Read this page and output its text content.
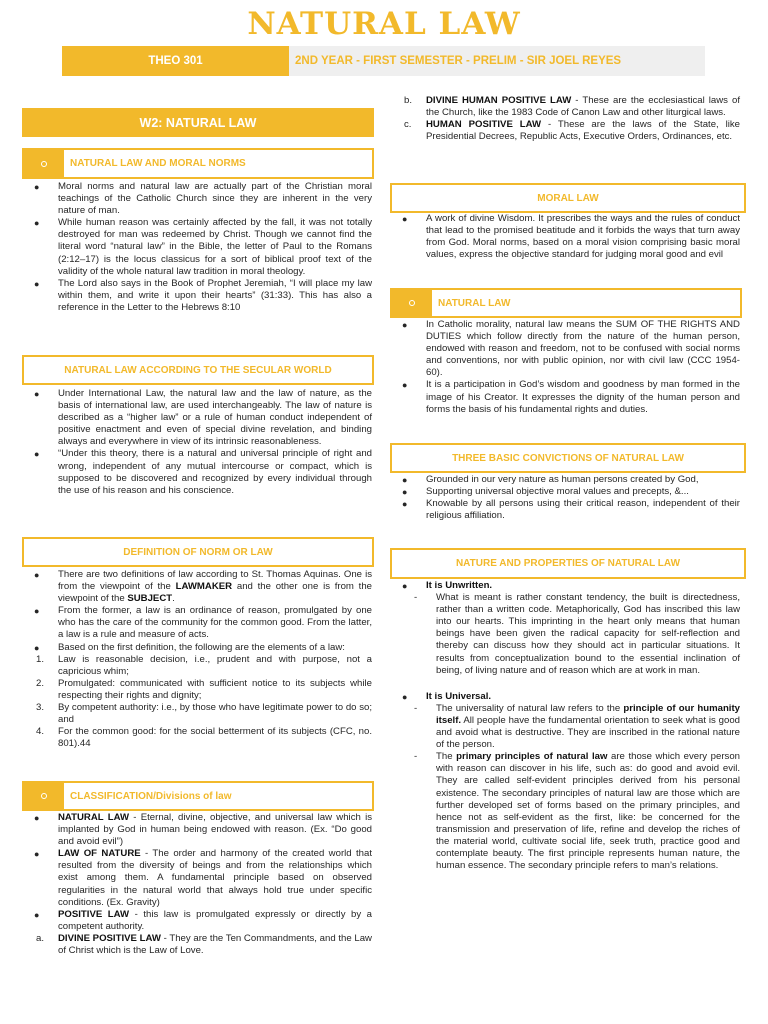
NATURAL LAW
THEO 301	2ND YEAR - FIRST SEMESTER - PRELIM - SIR JOEL REYES
W2: NATURAL LAW
NATURAL LAW AND MORAL NORMS
● Moral norms and natural law are actually part of the Christian moral teachings of the Catholic Church since they are inherent in the very nature of man.
● While human reason was certainly affected by the fall, it was not totally destroyed for man was redeemed by Christ. Though we cannot find the literal word “natural law” in the Bible, the letter of Paul to the Romans (2:12–17) is the locus classicus for a sort of biblical proof text of the validity of the whole natural law tradition in moral theology.
● The Lord also says in the Book of Prophet Jeremiah, “I will place my law within them, and write it upon their hearts” (31:33). This has also a reference in the Letter to the Hebrews 8:10
NATURAL LAW ACCORDING TO THE SECULAR WORLD
● Under International Law, the natural law and the law of nature, as the basis of international law, are used interchangeably. The law of nature is described as a “higher law” or a rule of human conduct independent of positive enactment and even of special divine revelation, and binding always and everywhere in view of its intrinsic reasonableness.
● “Under this theory, there is a natural and universal principle of right and wrong, independent of any mutual intercourse or compact, which is supposed to be discovered and recognized by every individual through the use of his reason and his conscience.
DEFINITION OF NORM OR LAW
● There are two definitions of law according to St. Thomas Aquinas. One is from the viewpoint of the LAWMAKER and the other one is from the viewpoint of the SUBJECT.
● From the former, a law is an ordinance of reason, promulgated by one who has the care of the community for the common good. From the latter, a law is a rule and measure of acts.
● Based on the first definition, the following are the elements of a law:
1. Law is reasonable decision, i.e., prudent and with purpose, not a capricious whim;
2. Promulgated: communicated with sufficient notice to its subjects while respecting their rights and dignity;
3. By competent authority: i.e., by those who have legitimate power to do so; and
4. For the common good: for the social betterment of its subjects (CFC, no. 801).44
CLASSIFICATION/Divisions of law
● NATURAL LAW - Eternal, divine, objective, and universal law which is implanted by God in human being endowed with reason. (Ex. “Do good and avoid evil”)
● LAW OF NATURE - The order and harmony of the created world that resulted from the diversity of beings and from the relationships which exist among them. A fundamental principle based on observed regularities in the natural world that always hold true under specific conditions. (Ex. Gravity)
● POSITIVE LAW - this law is promulgated expressly or directly by a competent authority.
a. DIVINE POSITIVE LAW - They are the Ten Commandments, and the Law of Christ which is the Law of Love.
b. DIVINE HUMAN POSITIVE LAW - These are the ecclesiastical laws of the Church, like the 1983 Code of Canon Law and other liturgical laws.
c. HUMAN POSITIVE LAW - These are the laws of the State, like Presidential Decrees, Republic Acts, Executive Orders, Ordinances, etc.
MORAL LAW
● A work of divine Wisdom. It prescribes the ways and the rules of conduct that lead to the promised beatitude and it forbids the ways that turn away from God. Moral norms, based on a moral vision comprising basic moral values, express the objective standard for judging moral good and evil
NATURAL LAW
● In Catholic morality, natural law means the SUM OF THE RIGHTS AND DUTIES which follow directly from the nature of the human person, endowed with reason and freedom, not to be confused with social norms and conventions, nor with public opinion, nor with civil law (CCC 1954-60).
● It is a participation in God’s wisdom and goodness by man formed in the image of his Creator. It expresses the dignity of the human person and forms the basis of his fundamental rights and duties.
THREE BASIC CONVICTIONS OF NATURAL LAW
● Grounded in our very nature as human persons created by God,
● Supporting universal objective moral values and precepts, &...
● Knowable by all persons using their critical reason, independent of their religious affiliation.
NATURE AND PROPERTIES OF NATURAL LAW
● It is Unwritten.
- What is meant is rather constant tendency, the built is directedness, rather than a written code. Metaphorically, God has inscribed this law into our hearts. This imprinting in the heart only means that human beings have been given the radical capacity for self-reflection and thereby can discuss how they should act in particular situations. It results from conceptualization bound to the essential inclination of being, of living nature and of reason which are at work in man.
● It is Universal.
- The universality of natural law refers to the principle of our humanity itself. All people have the fundamental orientation to seek what is good and avoid what is destructive. They are inscribed in the rational nature of the person.
- The primary principles of natural law are those which every person with reason can discover in his life, such as: do good and avoid evil. They are called self-evident principles derived from his personal existence. The secondary principles of natural law are those which are further developed set of forms based on the primary principles, and hence not as self-evident as the first, like: be concerned for the transmission and preservation of life, refine and develop the riches of the material world, cultivate social life, seek truth, practice good and contemplate beauty. The first principle represents human nature, the human essence. The secondary principle refers to man’s relations.
